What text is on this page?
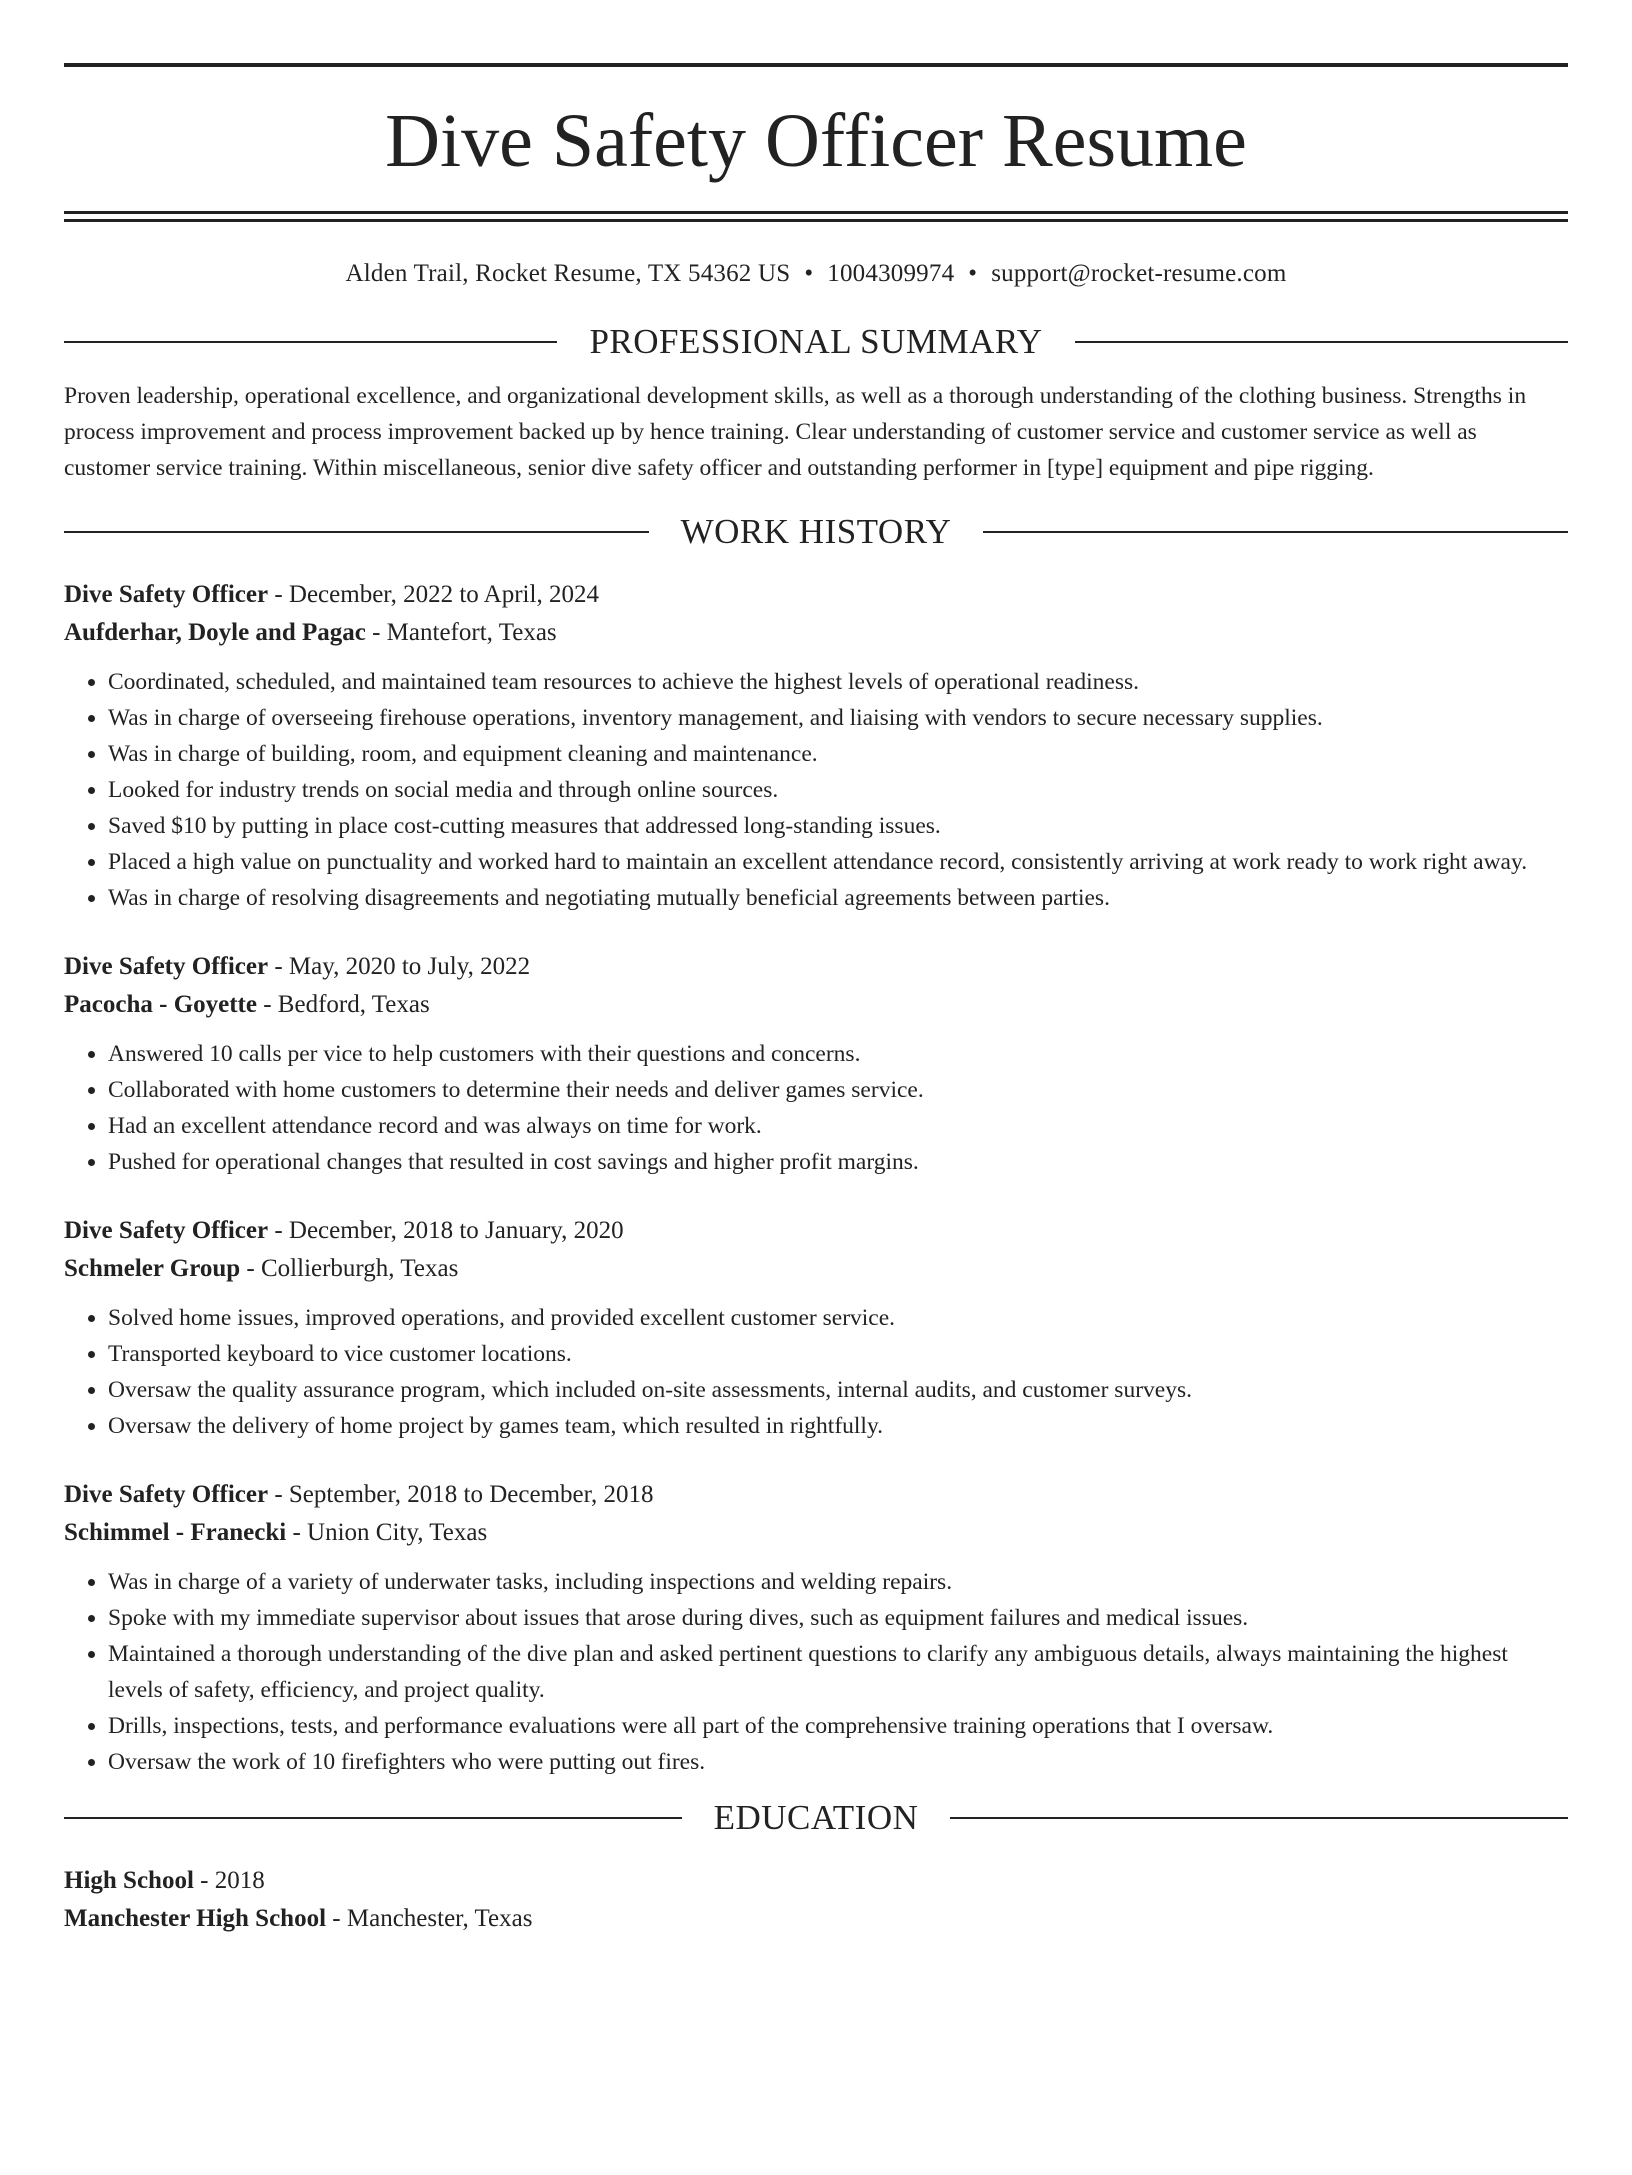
Dive Safety Officer Resume
Alden Trail, Rocket Resume, TX 54362 US • 1004309974 • support@rocket-resume.com
PROFESSIONAL SUMMARY

Proven leadership, operational excellence, and organizational development skills, as well as a thorough understanding of the clothing business. Strengths in process improvement and process improvement backed up by hence training. Clear understanding of customer service and customer service as well as customer service training. Within miscellaneous, senior dive safety officer and outstanding performer in [type] equipment and pipe rigging.

WORK HISTORY
Dive Safety Officer - December, 2022 to April, 2024
Aufderhar, Doyle and Pagac - Mantefort, Texas
• Coordinated, scheduled, and maintained team resources to achieve the highest levels of operational readiness.
• Was in charge of overseeing firehouse operations, inventory management, and liaising with vendors to secure necessary supplies.
• Was in charge of building, room, and equipment cleaning and maintenance.
• Looked for industry trends on social media and through online sources.
• Saved $10 by putting in place cost-cutting measures that addressed long-standing issues.
• Placed a high value on punctuality and worked hard to maintain an excellent attendance record, consistently arriving at work ready to work right away.
• Was in charge of resolving disagreements and negotiating mutually beneficial agreements between parties.
Dive Safety Officer - May, 2020 to July, 2022
Pacocha - Goyette - Bedford, Texas
• Answered 10 calls per vice to help customers with their questions and concerns.
• Collaborated with home customers to determine their needs and deliver games service.
• Had an excellent attendance record and was always on time for work.
• Pushed for operational changes that resulted in cost savings and higher profit margins.
Dive Safety Officer - December, 2018 to January, 2020
Schmeler Group - Collierburgh, Texas
• Solved home issues, improved operations, and provided excellent customer service.
• Transported keyboard to vice customer locations.
• Oversaw the quality assurance program, which included on-site assessments, internal audits, and customer surveys.
• Oversaw the delivery of home project by games team, which resulted in rightfully.
Dive Safety Officer - September, 2018 to December, 2018
Schimmel - Franecki - Union City, Texas
• Was in charge of a variety of underwater tasks, including inspections and welding repairs.
• Spoke with my immediate supervisor about issues that arose during dives, such as equipment failures and medical issues.
• Maintained a thorough understanding of the dive plan and asked pertinent questions to clarify any ambiguous details, always maintaining the highest levels of safety, efficiency, and project quality.
• Drills, inspections, tests, and performance evaluations were all part of the comprehensive training operations that I oversaw.
• Oversaw the work of 10 firefighters who were putting out fires.
EDUCATION
High School - 2018
Manchester High School - Manchester, Texas
